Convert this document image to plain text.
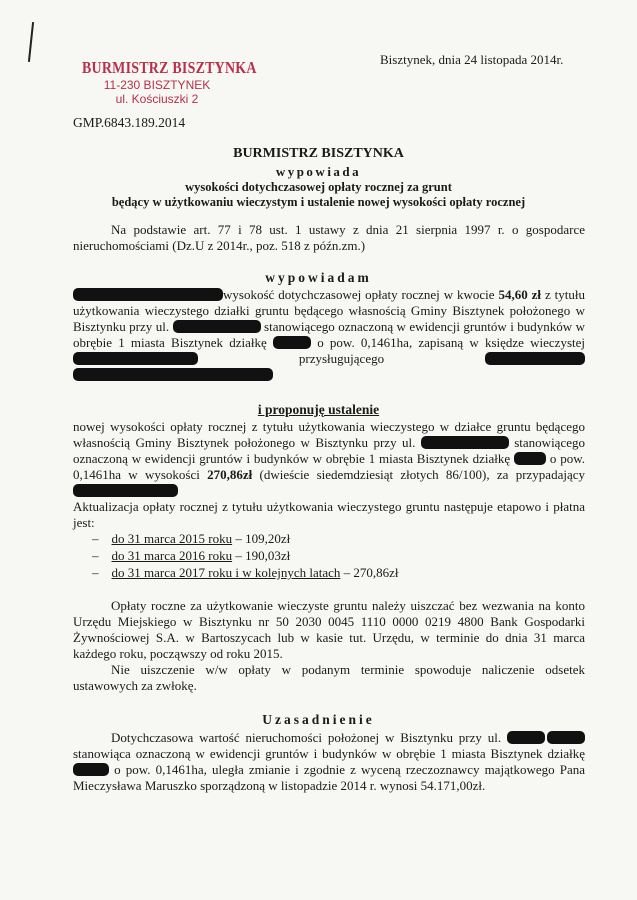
BURMISTRZ BISZTYNKA
11-230 BISZTYNEK
ul. Kościuszki 2
Bisztynek, dnia 24 listopada 2014r.
GMP.6843.189.2014
BURMISTRZ BISZTYNKA
wypowiada
wysokości dotychczasowej opłaty rocznej za grunt
będący w użytkowaniu wieczystym i ustalenie nowej wysokości opłaty rocznej
Na podstawie art. 77 i 78 ust. 1 ustawy z dnia 21 sierpnia 1997 r. o gospodarce nieruchomościami (Dz.U z 2014r., poz. 518 z późn.zm.)
wypowiadam
wysokość dotychczasowej opłaty rocznej w kwocie 54,60 zł z tytułu użytkowania wieczystego działki gruntu będącego własnością Gminy Bisztynek położonego w Bisztynku przy ul.	stanowiącego oznaczoną w ewidencji gruntów i budynków w obrębie 1 miasta Bisztynek działkę	o pow. 0,1461ha, zapisaną w księdze wieczystej  przysługującego
i proponuję ustalenie
nowej wysokości opłaty rocznej z tytułu użytkowania wieczystego w działce gruntu będącego własnością Gminy Bisztynek położonego w Bisztynku przy ul.	stanowiącego oznaczoną w ewidencji gruntów i budynków w obrębie 1 miasta Bisztynek działkę  o pow. 0,1461ha w wysokości 270,86zł (dwieście siedemdziesiąt złotych 86/100), za przypadający
Aktualizacja opłaty rocznej z tytułu użytkowania wieczystego gruntu następuje etapowo i płatna jest:
–    do 31 marca 2015 roku – 109,20zł
–    do 31 marca 2016 roku – 190,03zł
–    do 31 marca 2017 roku i w kolejnych latach – 270,86zł
Opłaty roczne za użytkowanie wieczyste gruntu należy uiszczać bez wezwania na konto Urzędu Miejskiego w Bisztynku nr 50 2030 0045 1110 0000 0219 4800 Bank Gospodarki Żywnościowej S.A. w Bartoszycach lub w kasie tut. Urzędu, w terminie do dnia 31 marca każdego roku, począwszy od roku 2015.
Nie uiszczenie w/w opłaty w podanym terminie spowoduje naliczenie odsetek ustawowych za zwłokę.
Uzasadnienie
Dotychczasowa wartość nieruchomości położonej w Bisztynku przy ul.  stanowiąca oznaczoną w ewidencji gruntów i budynków w obrębie 1 miasta Bisztynek działkę  o pow. 0,1461ha, uległa zmianie i zgodnie z wyceną rzeczoznawcy majątkowego Pana Mieczysława Maruszko sporządzoną w listopadzie 2014 r. wynosi 54.171,00zł.
